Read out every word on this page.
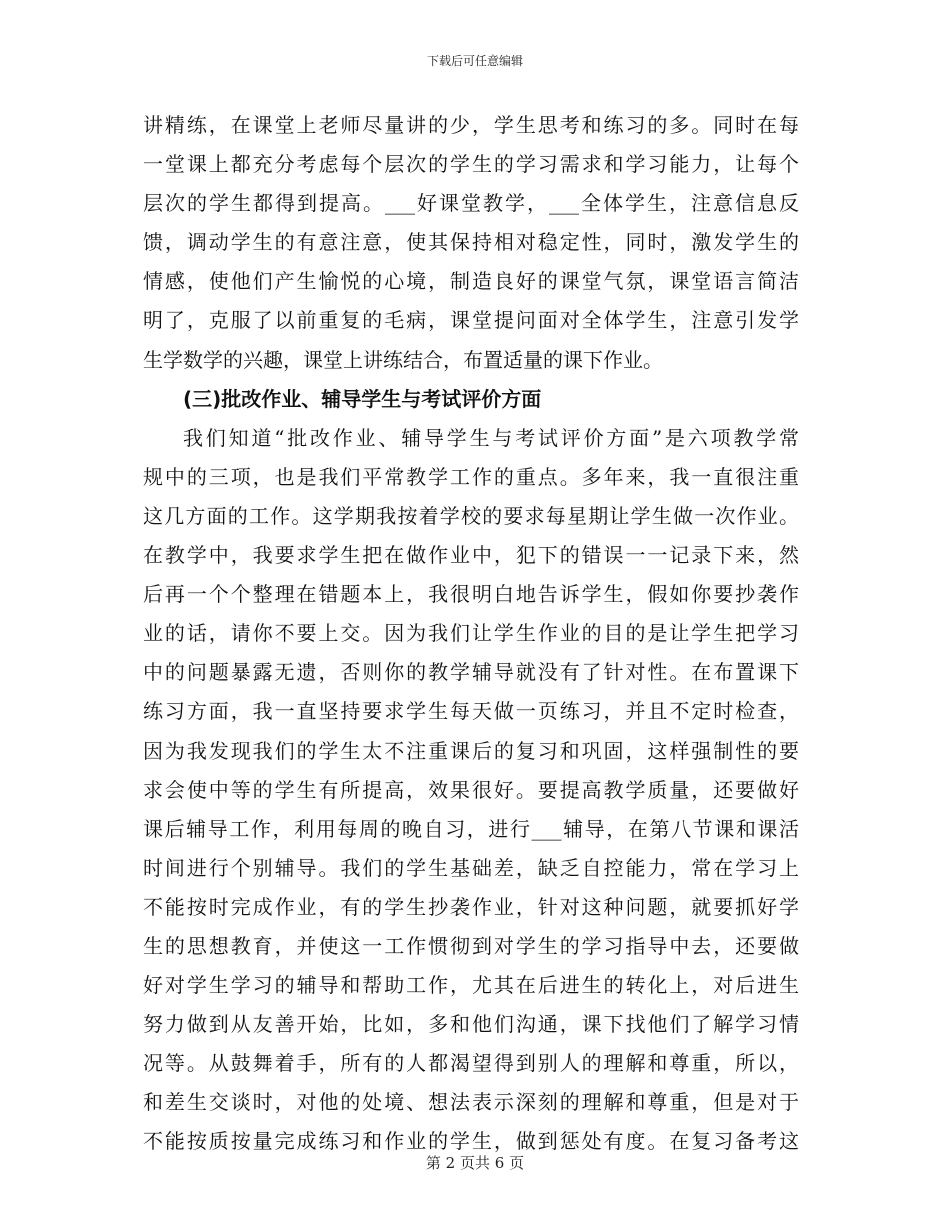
下载后可任意编辑
讲精练，在课堂上老师尽量讲的少，学生思考和练习的多。同时在每
一堂课上都充分考虑每个层次的学生的学习需求和学习能力，让每个
层次的学生都得到提高。___好课堂教学，___全体学生，注意信息反
馈，调动学生的有意注意，使其保持相对稳定性，同时，激发学生的
情感，使他们产生愉悦的心境，制造良好的课堂气氛，课堂语言简洁
明了，克服了以前重复的毛病，课堂提问面对全体学生，注意引发学
生学数学的兴趣，课堂上讲练结合，布置适量的课下作业。
(三)批改作业、辅导学生与考试评价方面
我们知道“批改作业、辅导学生与考试评价方面”是六项教学常
规中的三项，也是我们平常教学工作的重点。多年来，我一直很注重
这几方面的工作。这学期我按着学校的要求每星期让学生做一次作业。
在教学中，我要求学生把在做作业中，犯下的错误一一记录下来，然
后再一个个整理在错题本上，我很明白地告诉学生，假如你要抄袭作
业的话，请你不要上交。因为我们让学生作业的目的是让学生把学习
中的问题暴露无遗，否则你的教学辅导就没有了针对性。在布置课下
练习方面，我一直坚持要求学生每天做一页练习，并且不定时检查，
因为我发现我们的学生太不注重课后的复习和巩固，这样强制性的要
求会使中等的学生有所提高，效果很好。要提高教学质量，还要做好
课后辅导工作，利用每周的晚自习，进行___辅导，在第八节课和课活
时间进行个别辅导。我们的学生基础差，缺乏自控能力，常在学习上
不能按时完成作业，有的学生抄袭作业，针对这种问题，就要抓好学
生的思想教育，并使这一工作惯彻到对学生的学习指导中去，还要做
好对学生学习的辅导和帮助工作，尤其在后进生的转化上，对后进生
努力做到从友善开始，比如，多和他们沟通，课下找他们了解学习情
况等。从鼓舞着手，所有的人都渴望得到别人的理解和尊重，所以，
和差生交谈时，对他的处境、想法表示深刻的理解和尊重，但是对于
不能按质按量完成练习和作业的学生，做到惩处有度。在复习备考这
第 2 页共 6 页
